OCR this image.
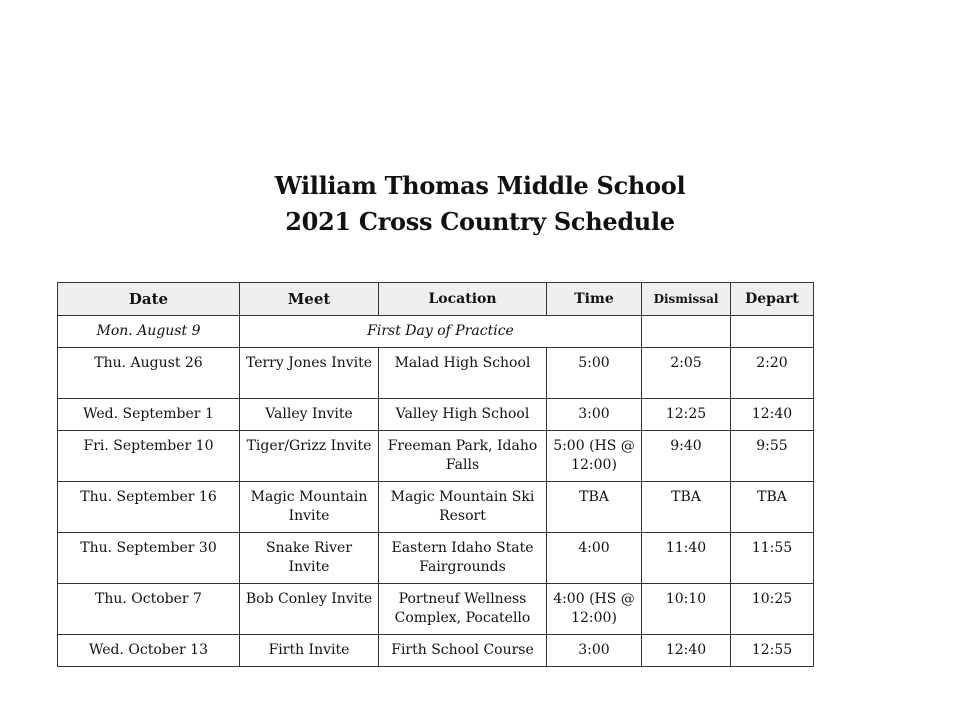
William Thomas Middle School
2021 Cross Country Schedule
Date	Meet	Location	Time	Dismissal	Depart
Mon. August 9	First Day of Practice				
Thu. August 26	Terry Jones Invite	Malad High School	5:00	2:05	2:20
Wed. September 1	Valley Invite	Valley High School	3:00	12:25	12:40
Fri. September 10	Tiger/Grizz Invite	Freeman Park, Idaho Falls	5:00 (HS @ 12:00)	9:40	9:55
Thu. September 16	Magic Mountain Invite	Magic Mountain Ski Resort	TBA	TBA	TBA
Thu. September 30	Snake River Invite	Eastern Idaho State Fairgrounds	4:00	11:40	11:55
Thu. October 7	Bob Conley Invite	Portneuf Wellness Complex, Pocatello	4:00 (HS @ 12:00)	10:10	10:25
Wed. October 13	Firth Invite	Firth School Course	3:00	12:40	12:55
